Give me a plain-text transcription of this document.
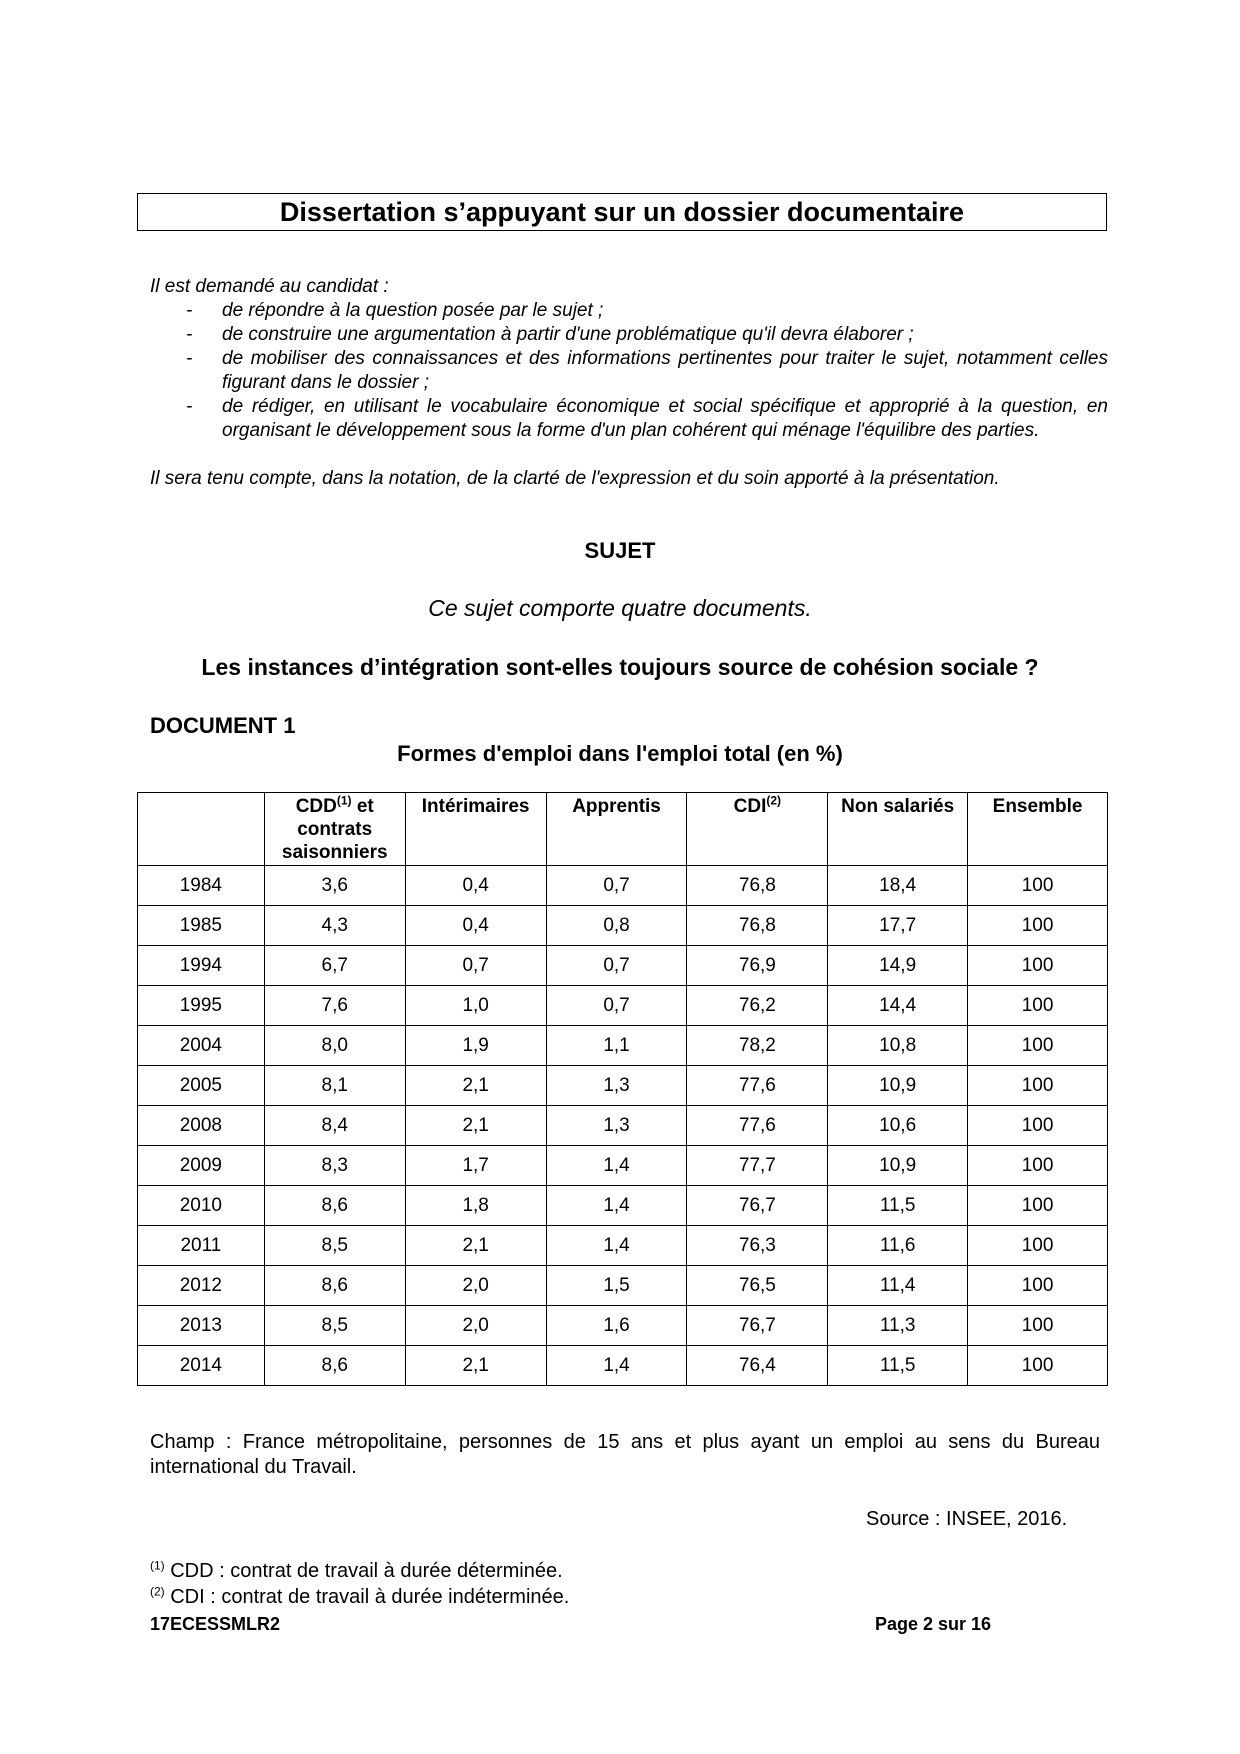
Dissertation s’appuyant sur un dossier documentaire
Il est demandé au candidat :
- de répondre à la question posée par le sujet ;
- de construire une argumentation à partir d'une problématique qu'il devra élaborer ;
- de mobiliser des connaissances et des informations pertinentes pour traiter le sujet, notamment celles figurant dans le dossier ;
- de rédiger, en utilisant le vocabulaire économique et social spécifique et approprié à la question, en organisant le développement sous la forme d'un plan cohérent qui ménage l'équilibre des parties.
Il sera tenu compte, dans la notation, de la clarté de l'expression et du soin apporté à la présentation.
SUJET
Ce sujet comporte quatre documents.
Les instances d’intégration sont-elles toujours source de cohésion sociale ?
DOCUMENT 1
Formes d'emploi dans l'emploi total (en %)
	CDD$^{(1)}$ et contrats saisonniers	Intérimaires	Apprentis	CDI$^{(2)}$	Non salariés	Ensemble
1984	3,6	0,4	0,7	76,8	18,4	100
1985	4,3	0,4	0,8	76,8	17,7	100
1994	6,7	0,7	0,7	76,9	14,9	100
1995	7,6	1,0	0,7	76,2	14,4	100
2004	8,0	1,9	1,1	78,2	10,8	100
2005	8,1	2,1	1,3	77,6	10,9	100
2008	8,4	2,1	1,3	77,6	10,6	100
2009	8,3	1,7	1,4	77,7	10,9	100
2010	8,6	1,8	1,4	76,7	11,5	100
2011	8,5	2,1	1,4	76,3	11,6	100
2012	8,6	2,0	1,5	76,5	11,4	100
2013	8,5	2,0	1,6	76,7	11,3	100
2014	8,6	2,1	1,4	76,4	11,5	100
Champ : France métropolitaine, personnes de 15 ans et plus ayant un emploi au sens du Bureau international du Travail.
Source : INSEE, 2016.
$^{(1)}$ CDD : contrat de travail à durée déterminée.
$^{(2)}$ CDI : contrat de travail à durée indéterminée.
17ECESSMLR2	Page 2 sur 16
